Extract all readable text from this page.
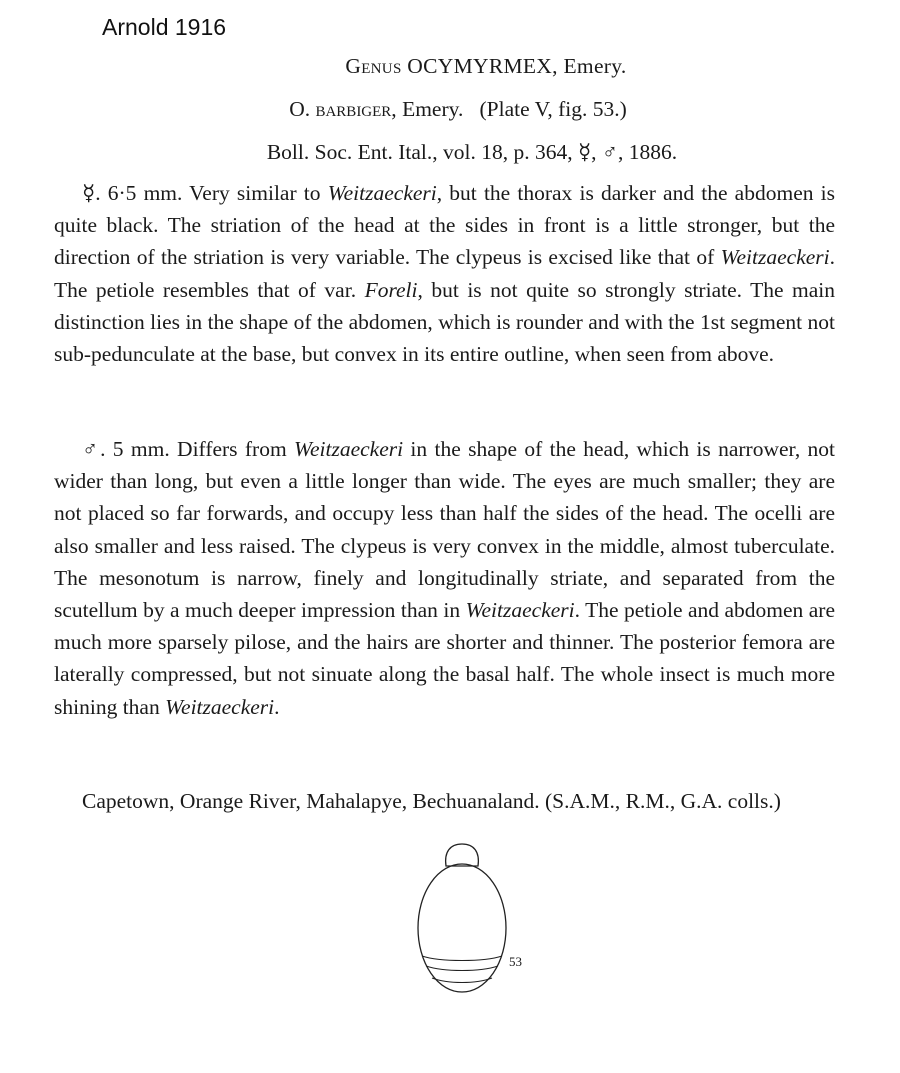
Arnold 1916
Genus OCYMYRMEX, Emery.
O. barbiger, Emery. (Plate V, fig. 53.)
Boll. Soc. Ent. Ital., vol. 18, p. 364, ☿, ♂, 1886.
☿. 6·5 mm. Very similar to Weitzaeckeri, but the thorax is darker and the abdomen is quite black. The striation of the head at the sides in front is a little stronger, but the direction of the striation is very variable. The clypeus is excised like that of Weitzaeckeri. The petiole resembles that of var. Foreli, but is not quite so strongly striate. The main distinction lies in the shape of the abdomen, which is rounder and with the 1st segment not sub-pedunculate at the base, but convex in its entire outline, when seen from above.
♂. 5 mm. Differs from Weitzaeckeri in the shape of the head, which is narrower, not wider than long, but even a little longer than wide. The eyes are much smaller; they are not placed so far forwards, and occupy less than half the sides of the head. The ocelli are also smaller and less raised. The clypeus is very convex in the middle, almost tuberculate. The mesonotum is narrow, finely and longitudinally striate, and separated from the scutellum by a much deeper impression than in Weitzaeckeri. The petiole and abdomen are much more sparsely pilose, and the hairs are shorter and thinner. The posterior femora are laterally compressed, but not sinuate along the basal half. The whole insect is much more shining than Weitzaeckeri.
Capetown, Orange River, Mahalapye, Bechuanaland. (S.A.M., R.M., G.A. colls.)
53
